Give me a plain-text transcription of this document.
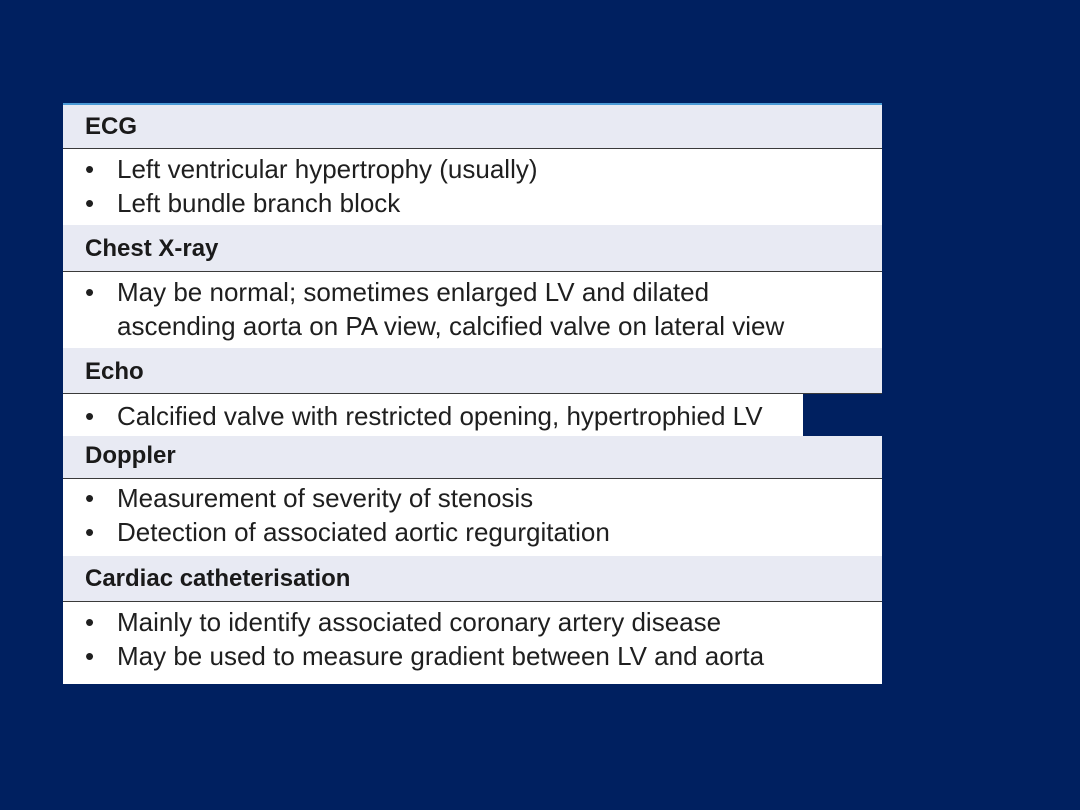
ECG
• Left ventricular hypertrophy (usually)
• Left bundle branch block
Chest X-ray
• May be normal; sometimes enlarged LV and dilated
ascending aorta on PA view, calcified valve on lateral view
Echo
• Calcified valve with restricted opening, hypertrophied LV
Doppler
• Measurement of severity of stenosis
• Detection of associated aortic regurgitation
Cardiac catheterisation
• Mainly to identify associated coronary artery disease
• May be used to measure gradient between LV and aorta
